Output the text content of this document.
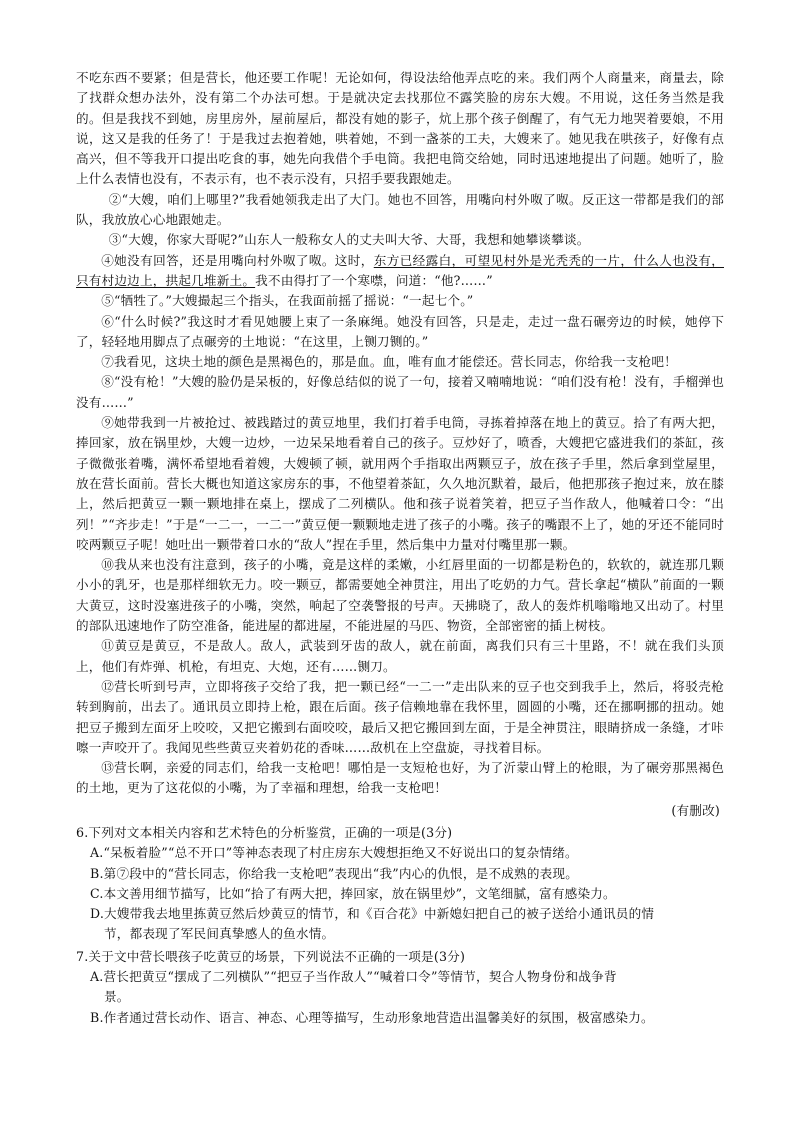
不吃东西不要紧；但是营长，他还要工作呢！无论如何，得设法给他弄点吃的来。我们两个人商量来，商量去，除了找群众想办法外，没有第二个办法可想。于是就决定去找那位不露笑脸的房东大嫂。不用说，这任务当然是我的。但是我找不到她，房里房外，屋前屋后，都没有她的影子，炕上那个孩子倒醒了，有气无力地哭着要娘，不用说，这又是我的任务了！于是我过去抱着她，哄着她，不到一盏茶的工夫，大嫂来了。她见我在哄孩子，好像有点高兴，但不等我开口提出吃食的事，她先向我借个手电筒。我把电筒交给她，同时迅速地提出了问题。她听了，脸上什么表情也没有，不表示有，也不表示没有，只招手要我跟她走。

②“大嫂，咱们上哪里?”我看她领我走出了大门。她也不回答，用嘴向村外呶了呶。反正这一带都是我们的部队，我放放心心地跟她走。

③“大嫂，你家大哥呢?”山东人一般称女人的丈夫叫大爷、大哥，我想和她攀谈攀谈。

④她没有回答，还是用嘴向村外呶了呶。这时，东方已经露白，可望见村外是光秃秃的一片，什么人也没有，只有村边边上，拱起几堆新土。我不由得打了一个寒噤，问道：“他?……”

⑤“牺牲了。”大嫂撮起三个指头，在我面前摇了摇说：“一起七个。”

⑥“什么时候?”我这时才看见她腰上束了一条麻绳。她没有回答，只是走，走过一盘石碾旁边的时候，她停下了，轻轻地用脚点了点碾旁的土地说：“在这里，上铡刀铡的。”

⑦我看见，这块土地的颜色是黑褐色的，那是血。血，唯有血才能偿还。营长同志，你给我一支枪吧！

⑧“没有枪！”大嫂的脸仍是呆板的，好像总结似的说了一句，接着又喃喃地说：“咱们没有枪！没有，手榴弹也没有……”

⑨她带我到一片被抢过、被践踏过的黄豆地里，我们打着手电筒，寻拣着掉落在地上的黄豆。拾了有两大把，捧回家，放在锅里炒，大嫂一边炒，一边呆呆地看着自己的孩子。豆炒好了，喷香，大嫂把它盛进我们的茶缸，孩子微微张着嘴，满怀希望地看着嫂，大嫂顿了顿，就用两个手指取出两颗豆子，放在孩子手里，然后拿到堂屋里，放在营长面前。营长大概也知道这家房东的事，不他望着茶缸，久久地沉默着，最后，他把那孩子抱过来，放在膝上，然后把黄豆一颗一颗地排在桌上，摆成了二列横队。他和孩子说着笑着，把豆子当作敌人，他喊着口令：“出列！”“齐步走！”于是“一二一，一二一”黄豆便一颗颗地走进了孩子的小嘴。孩子的嘴跟不上了，她的牙还不能同时咬两颗豆子呢！她吐出一颗带着口水的“敌人”捏在手里，然后集中力量对付嘴里那一颗。

⑩我从来也没有注意到，孩子的小嘴，竟是这样的柔嫩，小红唇里面的一切都是粉色的，软软的，就连那几颗小小的乳牙，也是那样细软无力。咬一颗豆，都需要她全神贯注，用出了吃奶的力气。营长拿起“横队”前面的一颗大黄豆，这时没塞进孩子的小嘴，突然，响起了空袭警报的号声。天拂晓了，敌人的轰炸机嗡嗡地又出动了。村里的部队迅速地作了防空准备，能进屋的都进屋，不能进屋的马匹、物资，全部密密的插上树枝。

⑪黄豆是黄豆，不是敌人。敌人，武装到牙齿的敌人，就在前面，离我们只有三十里路，不！就在我们头顶上，他们有炸弹、机枪，有坦克、大炮，还有……铡刀。

⑫营长听到号声，立即将孩子交给了我，把一颗已经“一二一”走出队来的豆子也交到我手上，然后，将驳壳枪转到胸前，出去了。通讯员立即持上枪，跟在后面。孩子信赖地靠在我怀里，圆圆的小嘴，还在挪啊挪的扭动。她把豆子搬到左面牙上咬咬，又把它搬到右面咬咬，最后又把它搬回到左面，于是全神贯注，眼睛挤成一条缝，才咔嚓一声咬开了。我闻见些些黄豆夹着奶花的香味……敌机在上空盘旋，寻找着目标。

⑬营长啊，亲爱的同志们，给我一支枪吧！哪怕是一支短枪也好，为了沂蒙山臂上的枪眼，为了碾旁那黑褐色的土地，更为了这花似的小嘴，为了幸福和理想，给我一支枪吧！

(有删改)

6.下列对文本相关内容和艺术特色的分析鉴赏，正确的一项是(3分)

A.“呆板着脸”“总不开口”等神态表现了村庄房东大嫂想拒绝又不好说出口的复杂情绪。

B.第⑦段中的“营长同志，你给我一支枪吧”表现出“我”内心的仇恨，是不成熟的表现。

C.本文善用细节描写，比如“拾了有两大把，捧回家，放在锅里炒”，文笔细腻，富有感染力。

D.大嫂带我去地里拣黄豆然后炒黄豆的情节，和《百合花》中新媳妇把自己的被子送给小通讯员的情
节，都表现了军民间真挚感人的鱼水情。

7.关于文中营长喂孩子吃黄豆的场景，下列说法不正确的一项是(3分)

A.营长把黄豆“摆成了二列横队”“把豆子当作敌人”“喊着口令”等情节，契合人物身份和战争背
景。

B.作者通过营长动作、语言、神态、心理等描写，生动形象地营造出温馨美好的氛围，极富感染力。
